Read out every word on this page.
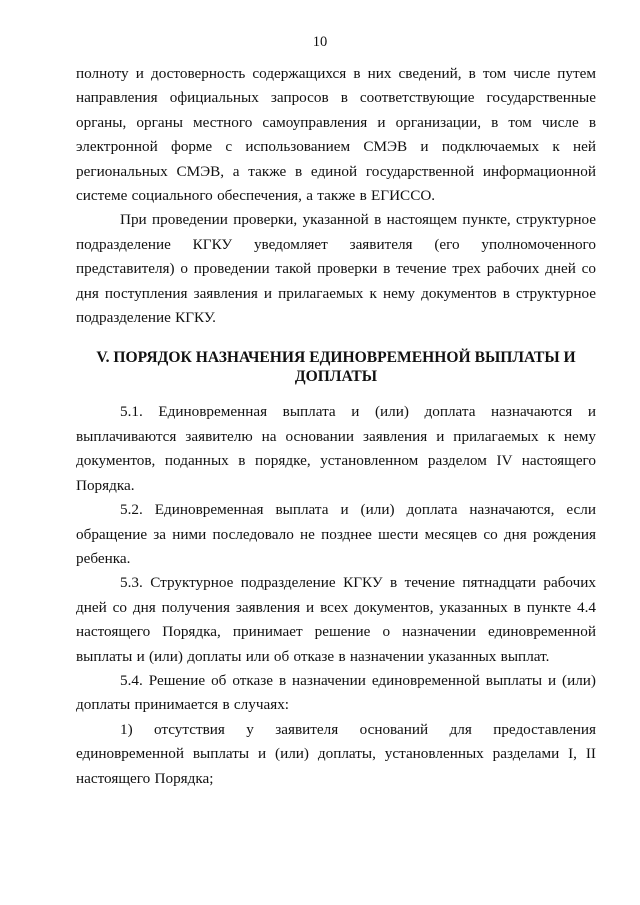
10

полноту и достоверность содержащихся в них сведений, в том числе путем направления официальных запросов в соответствующие государственные органы, органы местного самоуправления и организации, в том числе в электронной форме с использованием СМЭВ и подключаемых к ней региональных СМЭВ, а также в единой государственной информационной системе социального обеспечения, а также в ЕГИССО.

При проведении проверки, указанной в настоящем пункте, структурное подразделение КГКУ уведомляет заявителя (его уполномоченного представителя) о проведении такой проверки в течение трех рабочих дней со дня поступления заявления и прилагаемых к нему документов в структурное подразделение КГКУ.

V. ПОРЯДОК НАЗНАЧЕНИЯ ЕДИНОВРЕМЕННОЙ ВЫПЛАТЫ И ДОПЛАТЫ

5.1. Единовременная выплата и (или) доплата назначаются и выплачиваются заявителю на основании заявления и прилагаемых к нему документов, поданных в порядке, установленном разделом IV настоящего Порядка.

5.2. Единовременная выплата и (или) доплата назначаются, если обращение за ними последовало не позднее шести месяцев со дня рождения ребенка.

5.3. Структурное подразделение КГКУ в течение пятнадцати рабочих дней со дня получения заявления и всех документов, указанных в пункте 4.4 настоящего Порядка, принимает решение о назначении единовременной выплаты и (или) доплаты или об отказе в назначении указанных выплат.

5.4. Решение об отказе в назначении единовременной выплаты и (или) доплаты принимается в случаях:

1) отсутствия у заявителя оснований для предоставления единовременной выплаты и (или) доплаты, установленных разделами I, II настоящего Порядка;
